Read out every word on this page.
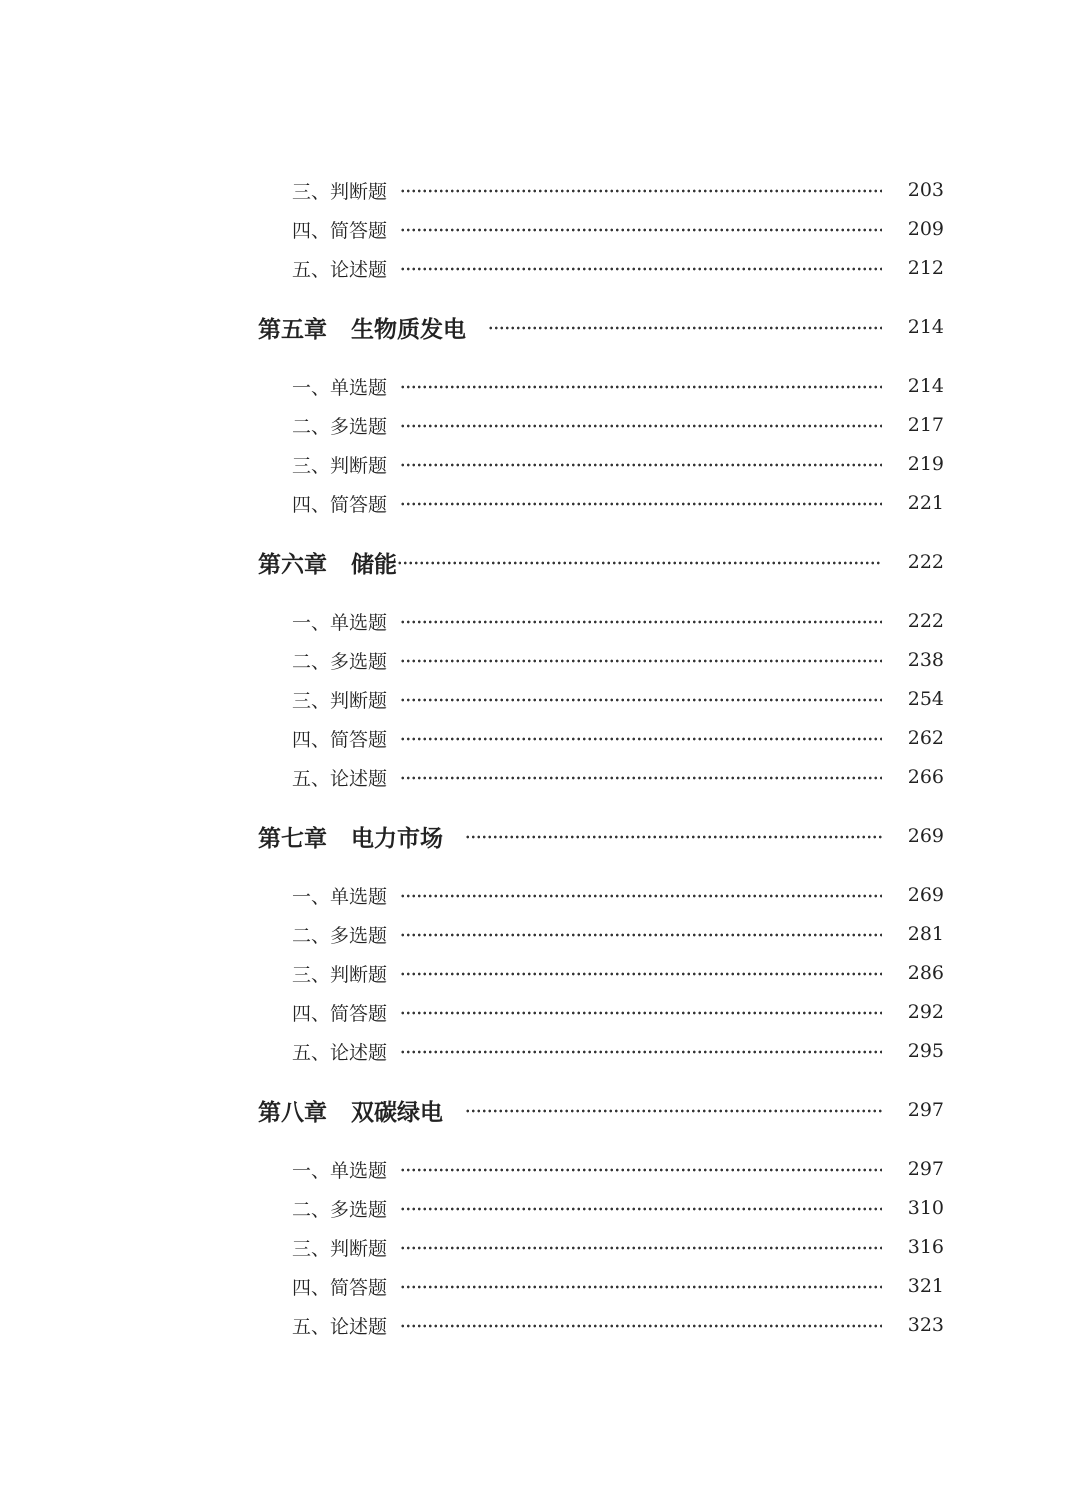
三、判断题	203
四、简答题	209
五、论述题	212
第五章 生物质发电	214
一、单选题	214
二、多选题	217
三、判断题	219
四、简答题	221
第六章 储能	222
一、单选题	222
二、多选题	238
三、判断题	254
四、简答题	262
五、论述题	266
第七章 电力市场	269
一、单选题	269
二、多选题	281
三、判断题	286
四、简答题	292
五、论述题	295
第八章 双碳绿电	297
一、单选题	297
二、多选题	310
三、判断题	316
四、简答题	321
五、论述题	323
